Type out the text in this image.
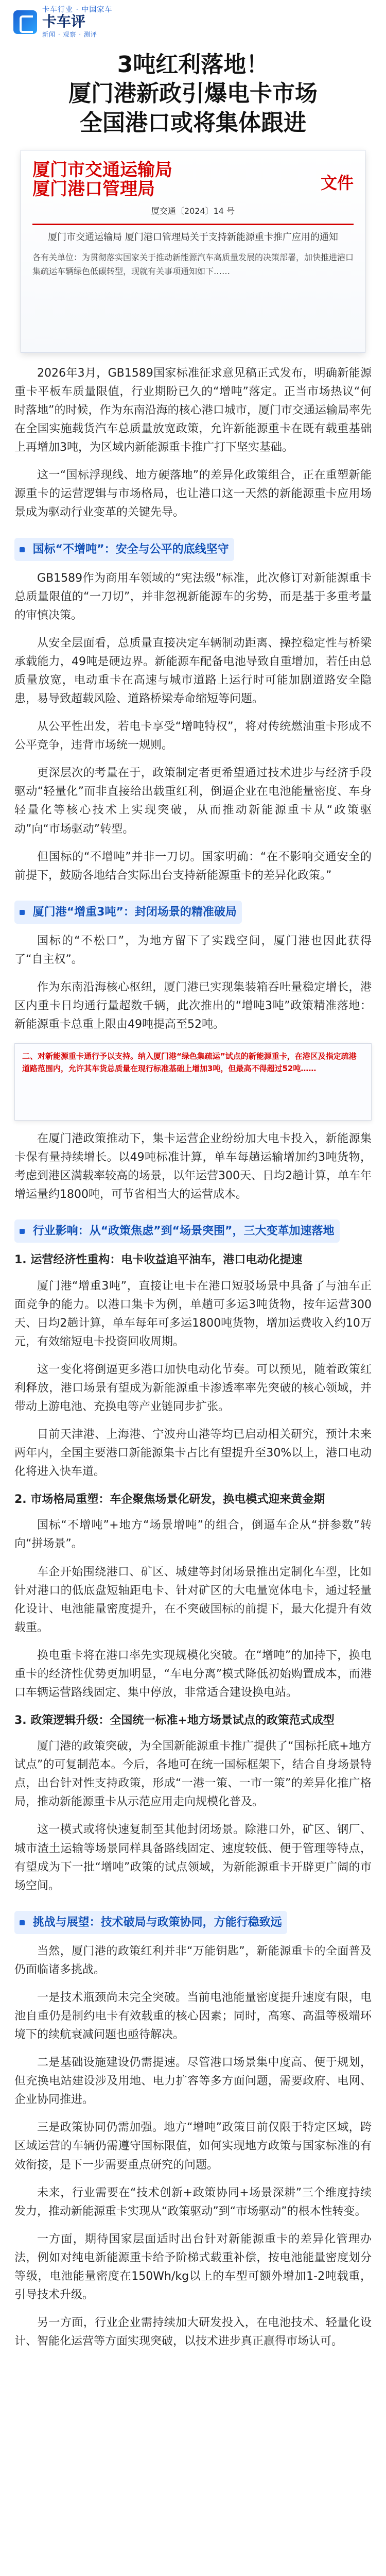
卡车行业 · 中国家车
卡车评
新闻 · 观察 · 测评
3吨红利落地！
厦门港新政引爆电卡市场
全国港口或将集体跟进
厦门市交通运输局
厦门港口管理局	文件
厦交通〔2024〕14 号
厦门市交通运输局 厦门港口管理局关于支持新能源重卡推广应用的通知
各有关单位：为贯彻落实国家关于推动新能源汽车高质量发展的决策部署，加快推进港口集疏运车辆绿色低碳转型，现就有关事项通知如下……

2026年3月，GB1589国家标准征求意见稿正式发布，明确新能源重卡平板车质量限值，行业期盼已久的“增吨”落定。正当市场热议“何时落地”的时候，作为东南沿海的核心港口城市，厦门市交通运输局率先在全国实施载货汽车总质量放宽政策，允许新能源重卡在既有载重基础上再增加3吨，为区域内新能源重卡推广打下坚实基础。

这一“国标浮现线、地方硬落地”的差异化政策组合，正在重塑新能源重卡的运营逻辑与市场格局，也让港口这一天然的新能源重卡应用场景成为驱动行业变革的关键先导。

国标“不增吨”：安全与公平的底线坚守

GB1589作为商用车领域的“宪法级”标准，此次修订对新能源重卡总质量限值的“一刀切”，并非忽视新能源车的劣势，而是基于多重考量的审慎决策。

从安全层面看，总质量直接决定车辆制动距离、操控稳定性与桥梁承载能力，49吨是硬边界。新能源车配备电池导致自重增加，若任由总质量放宽，电动重卡在高速与城市道路上运行时可能加剧道路安全隐患，易导致超载风险、道路桥梁寿命缩短等问题。

从公平性出发，若电卡享受“增吨特权”，将对传统燃油重卡形成不公平竞争，违背市场统一规则。

更深层次的考量在于，政策制定者更希望通过技术进步与经济手段驱动“轻量化”而非直接给出载重红利，倒逼企业在电池能量密度、车身轻量化等核心技术上实现突破，从而推动新能源重卡从“政策驱动”向“市场驱动”转型。

但国标的“不增吨”并非一刀切。国家明确：“在不影响交通安全的前提下，鼓励各地结合实际出台支持新能源重卡的差异化政策。”

厦门港“增重3吨”：封闭场景的精准破局

国标的“不松口”，为地方留下了实践空间，厦门港也因此获得了“自主权”。

作为东南沿海核心枢纽，厦门港已实现集装箱吞吐量稳定增长，港区内重卡日均通行量超数千辆，此次推出的“增吨3吨”政策精准落地：新能源重卡总重上限由49吨提高至52吨。

二、对新能源重卡通行予以支持。纳入厦门港“绿色集疏运”试点的新能源重卡，在港区及指定疏港道路范围内，允许其车货总质量在现行标准基础上增加3吨，但最高不得超过52吨……

在厦门港政策推动下，集卡运营企业纷纷加大电卡投入，新能源集卡保有量持续增长。以49吨标准计算，单车每趟运输增加约3吨货物，考虑到港区满载率较高的场景，以年运营300天、日均2趟计算，单车年增运量约1800吨，可节省相当大的运营成本。

行业影响：从“政策焦虑”到“场景突围”，三大变革加速落地
1. 运营经济性重构：电卡收益追平油车，港口电动化提速

厦门港“增重3吨”，直接让电卡在港口短驳场景中具备了与油车正面竞争的能力。以港口集卡为例，单趟可多运3吨货物，按年运营300天、日均2趟计算，单车每年可多运1800吨货物，增加运费收入约10万元，有效缩短电卡投资回收周期。

这一变化将倒逼更多港口加快电动化节奏。可以预见，随着政策红利释放，港口场景有望成为新能源重卡渗透率率先突破的核心领域，并带动上游电池、充换电等产业链同步扩张。

目前天津港、上海港、宁波舟山港等均已启动相关研究，预计未来两年内，全国主要港口新能源集卡占比有望提升至30%以上，港口电动化将进入快车道。

2. 市场格局重塑：车企聚焦场景化研发，换电模式迎来黄金期

国标“不增吨”+地方“场景增吨”的组合，倒逼车企从“拼参数”转向“拼场景”。

车企开始围绕港口、矿区、城建等封闭场景推出定制化车型，比如针对港口的低底盘短轴距电卡、针对矿区的大电量宽体电卡，通过轻量化设计、电池能量密度提升，在不突破国标的前提下，最大化提升有效载重。

换电重卡将在港口率先实现规模化突破。在“增吨”的加持下，换电重卡的经济性优势更加明显，“车电分离”模式降低初始购置成本，而港口车辆运营路线固定、集中停放，非常适合建设换电站。

3. 政策逻辑升级：全国统一标准+地方场景试点的政策范式成型

厦门港的政策突破，为全国新能源重卡推广提供了“国标托底+地方试点”的可复制范本。今后，各地可在统一国标框架下，结合自身场景特点，出台针对性支持政策，形成“一港一策、一市一策”的差异化推广格局，推动新能源重卡从示范应用走向规模化普及。

这一模式或将快速复制至其他封闭场景。除港口外，矿区、钢厂、城市渣土运输等场景同样具备路线固定、速度较低、便于管理等特点，有望成为下一批“增吨”政策的试点领域，为新能源重卡开辟更广阔的市场空间。

挑战与展望：技术破局与政策协同，方能行稳致远

当然，厦门港的政策红利并非“万能钥匙”，新能源重卡的全面普及仍面临诸多挑战。

一是技术瓶颈尚未完全突破。当前电池能量密度提升速度有限，电池自重仍是制约电卡有效载重的核心因素；同时，高寒、高温等极端环境下的续航衰减问题也亟待解决。

二是基础设施建设仍需提速。尽管港口场景集中度高、便于规划，但充换电站建设涉及用地、电力扩容等多方面问题，需要政府、电网、企业协同推进。

三是政策协同仍需加强。地方“增吨”政策目前仅限于特定区域，跨区域运营的车辆仍需遵守国标限值，如何实现地方政策与国家标准的有效衔接，是下一步需要重点研究的问题。

未来，行业需要在“技术创新+政策协同+场景深耕”三个维度持续发力，推动新能源重卡实现从“政策驱动”到“市场驱动”的根本性转变。

一方面，期待国家层面适时出台针对新能源重卡的差异化管理办法，例如对纯电新能源重卡给予阶梯式载重补偿，按电池能量密度划分等级，电池能量密度在150Wh/kg以上的车型可额外增加1-2吨载重，引导技术升级。

另一方面，行业企业需持续加大研发投入，在电池技术、轻量化设计、智能化运营等方面实现突破，以技术进步真正赢得市场认可。
